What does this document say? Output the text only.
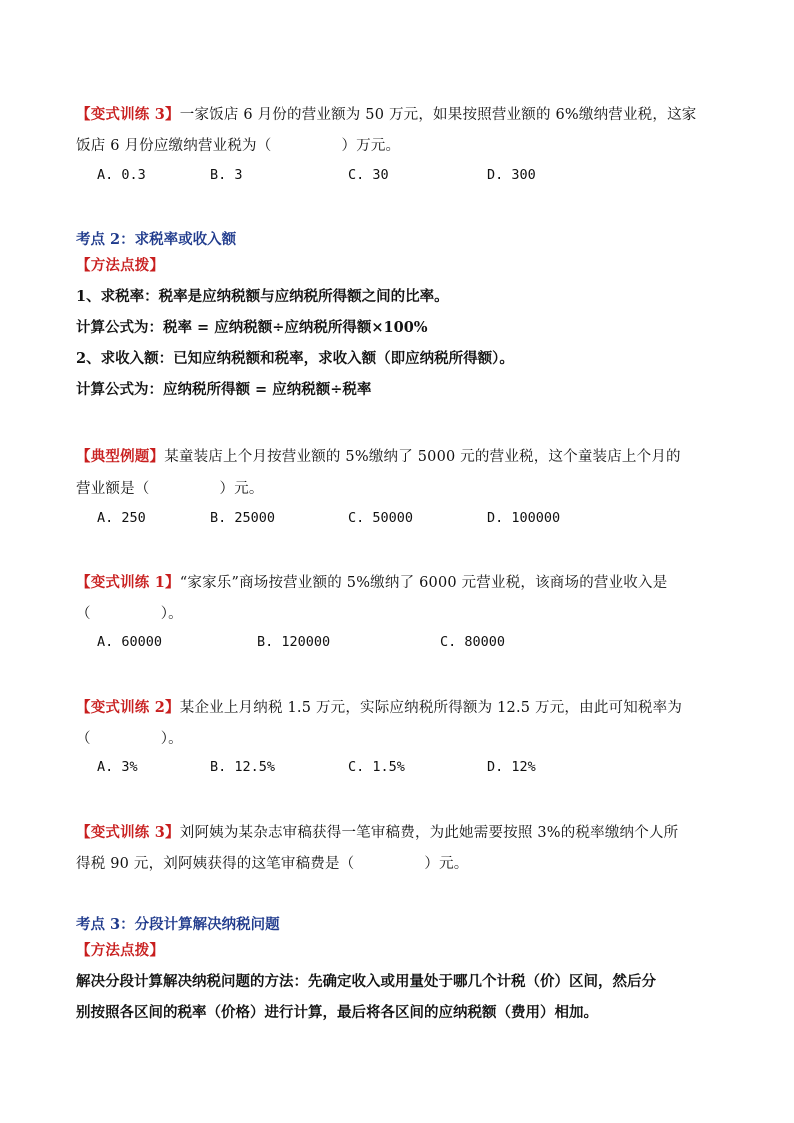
【变式训练 3】一家饭店 6 月份的营业额为 50 万元，如果按照营业额的 6%缴纳营业税，这家
饭店 6 月份应缴纳营业税为（	）万元。
A. 0.3	B. 3	C. 30	D. 300
考点 2：求税率或收入额
【方法点拨】
1、求税率：税率是应纳税额与应纳税所得额之间的比率。
计算公式为：税率 = 应纳税额÷应纳税所得额×100%
2、求收入额：已知应纳税额和税率，求收入额（即应纳税所得额）。
计算公式为：应纳税所得额 = 应纳税额÷税率
【典型例题】某童装店上个月按营业额的 5%缴纳了 5000 元的营业税，这个童装店上个月的
营业额是（	）元。
A. 250	B. 25000	C. 50000	D. 100000
【变式训练 1】“家家乐”商场按营业额的 5%缴纳了 6000 元营业税，该商场的营业收入是
（	）。
A. 60000	B. 120000	C. 80000
【变式训练 2】某企业上月纳税 1.5 万元，实际应纳税所得额为 12.5 万元，由此可知税率为
（	）。
A. 3%	B. 12.5%	C. 1.5%	D. 12%
【变式训练 3】刘阿姨为某杂志审稿获得一笔审稿费，为此她需要按照 3%的税率缴纳个人所
得税 90 元，刘阿姨获得的这笔审稿费是（	）元。
考点 3：分段计算解决纳税问题
【方法点拨】
解决分段计算解决纳税问题的方法：先确定收入或用量处于哪几个计税（价）区间，然后分
别按照各区间的税率（价格）进行计算，最后将各区间的应纳税额（费用）相加。
